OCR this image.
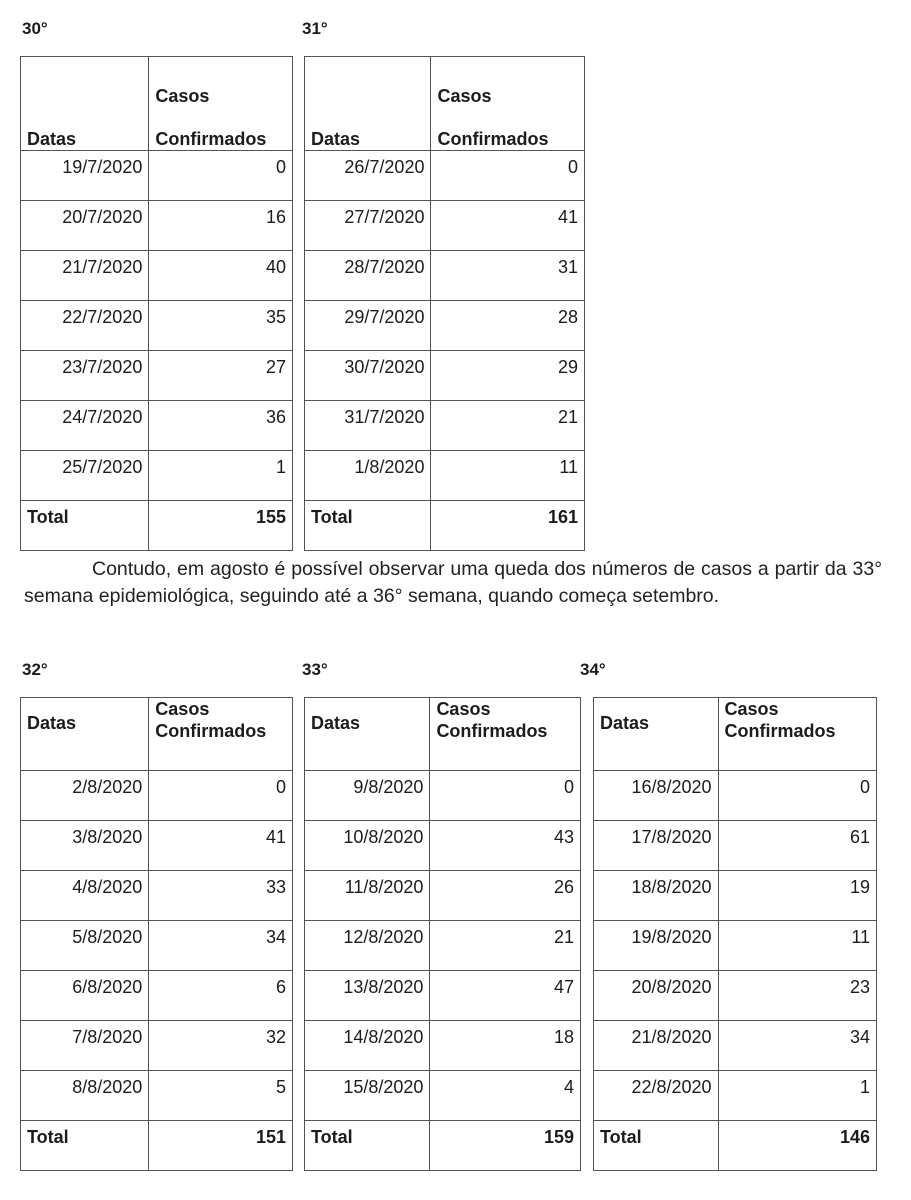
30°	31°
Datas	Casos
Confirmados
19/7/2020	0
20/7/2020	16
21/7/2020	40
22/7/2020	35
23/7/2020	27
24/7/2020	36
25/7/2020	1
Total	155
Datas	Casos
Confirmados
26/7/2020	0
27/7/2020	41
28/7/2020	31
29/7/2020	28
30/7/2020	29
31/7/2020	21
1/8/2020	11
Total	161
Contudo, em agosto é possível observar uma queda dos números de casos a partir da 33° semana epidemiológica, seguindo até a 36° semana, quando começa setembro.
32°	33°	34°
Datas	Casos
Confirmados
2/8/2020	0
3/8/2020	41
4/8/2020	33
5/8/2020	34
6/8/2020	6
7/8/2020	32
8/8/2020	5
Total	151
Datas	Casos
Confirmados
9/8/2020	0
10/8/2020	43
11/8/2020	26
12/8/2020	21
13/8/2020	47
14/8/2020	18
15/8/2020	4
Total	159
Datas	Casos
Confirmados
16/8/2020	0
17/8/2020	61
18/8/2020	19
19/8/2020	11
20/8/2020	23
21/8/2020	34
22/8/2020	1
Total	146
